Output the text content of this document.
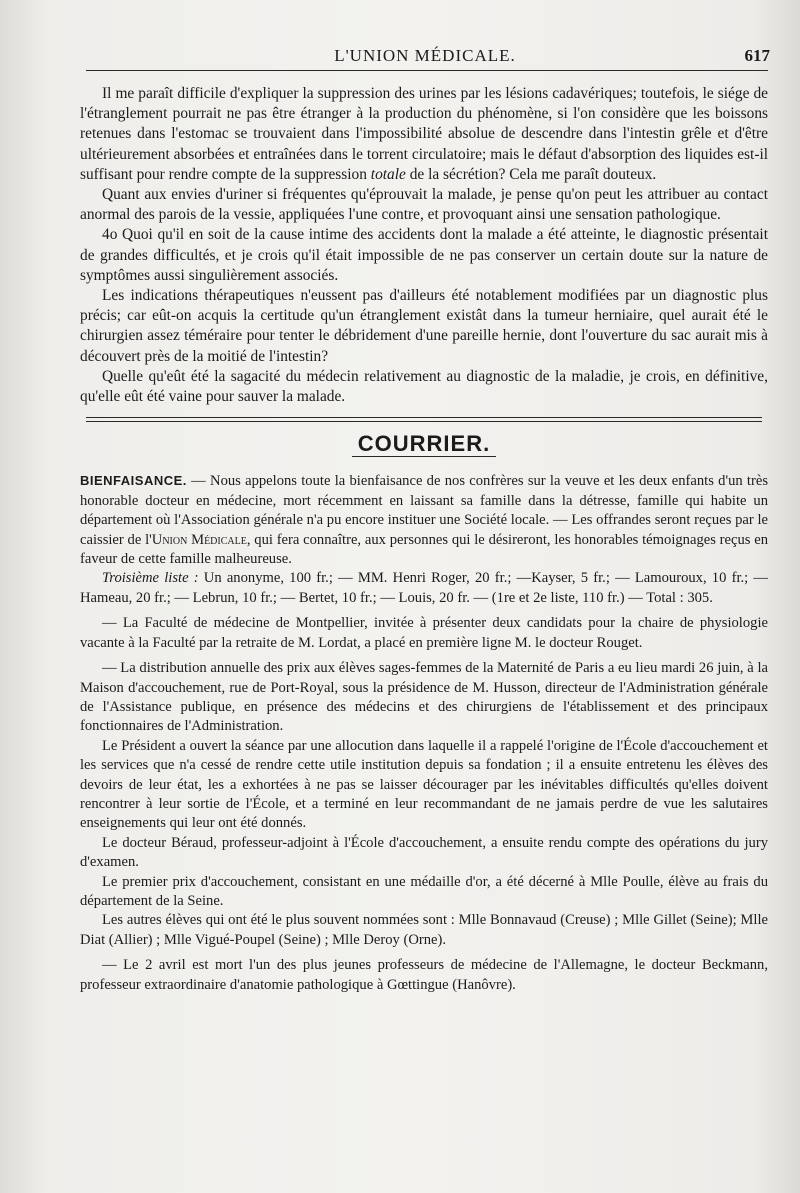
L'UNION MÉDICALE.	617

Il me paraît difficile d'expliquer la suppression des urines par les lésions cadavériques; toutefois, le siége de l'étranglement pourrait ne pas être étranger à la production du phénomène, si l'on considère que les boissons retenues dans l'estomac se trouvaient dans l'impossibilité absolue de descendre dans l'intestin grêle et d'être ultérieurement absorbées et entraînées dans le torrent circulatoire; mais le défaut d'absorption des liquides est-il suffisant pour rendre compte de la suppression totale de la sécrétion? Cela me paraît douteux.

Quant aux envies d'uriner si fréquentes qu'éprouvait la malade, je pense qu'on peut les attribuer au contact anormal des parois de la vessie, appliquées l'une contre, et provoquant ainsi une sensation pathologique.

4o Quoi qu'il en soit de la cause intime des accidents dont la malade a été atteinte, le diagnostic présentait de grandes difficultés, et je crois qu'il était impossible de ne pas conserver un certain doute sur la nature de symptômes aussi singulièrement associés.

Les indications thérapeutiques n'eussent pas d'ailleurs été notablement modifiées par un diagnostic plus précis; car eût-on acquis la certitude qu'un étranglement existât dans la tumeur herniaire, quel aurait été le chirurgien assez téméraire pour tenter le débridement d'une pareille hernie, dont l'ouverture du sac aurait mis à découvert près de la moitié de l'intestin?

Quelle qu'eût été la sagacité du médecin relativement au diagnostic de la maladie, je crois, en définitive, qu'elle eût été vaine pour sauver la malade.

COURRIER.

BIENFAISANCE. — Nous appelons toute la bienfaisance de nos confrères sur la veuve et les deux enfants d'un très honorable docteur en médecine, mort récemment en laissant sa famille dans la détresse, famille qui habite un département où l'Association générale n'a pu encore instituer une Société locale. — Les offrandes seront reçues par le caissier de l'Union Médicale, qui fera connaître, aux personnes qui le désireront, les honorables témoignages reçus en faveur de cette famille malheureuse.

Troisième liste : Un anonyme, 100 fr.; — MM. Henri Roger, 20 fr.; —Kayser, 5 fr.; — Lamouroux, 10 fr.; — Hameau, 20 fr.; — Lebrun, 10 fr.; — Bertet, 10 fr.; — Louis, 20 fr. — (1re et 2e liste, 110 fr.) — Total : 305.

— La Faculté de médecine de Montpellier, invitée à présenter deux candidats pour la chaire de physiologie vacante à la Faculté par la retraite de M. Lordat, a placé en première ligne M. le docteur Rouget.

— La distribution annuelle des prix aux élèves sages-femmes de la Maternité de Paris a eu lieu mardi 26 juin, à la Maison d'accouchement, rue de Port-Royal, sous la présidence de M. Husson, directeur de l'Administration générale de l'Assistance publique, en présence des médecins et des chirurgiens de l'établissement et des principaux fonctionnaires de l'Administration.

Le Président a ouvert la séance par une allocution dans laquelle il a rappelé l'origine de l'École d'accouchement et les services que n'a cessé de rendre cette utile institution depuis sa fondation ; il a ensuite entretenu les élèves des devoirs de leur état, les a exhortées à ne pas se laisser décourager par les inévitables difficultés qu'elles doivent rencontrer à leur sortie de l'École, et a terminé en leur recommandant de ne jamais perdre de vue les salutaires enseignements qui leur ont été donnés.

Le docteur Béraud, professeur-adjoint à l'École d'accouchement, a ensuite rendu compte des opérations du jury d'examen.

Le premier prix d'accouchement, consistant en une médaille d'or, a été décerné à Mlle Poulle, élève au frais du département de la Seine.

Les autres élèves qui ont été le plus souvent nommées sont : Mlle Bonnavaud (Creuse) ; Mlle Gillet (Seine); Mlle Diat (Allier) ; Mlle Vigué-Poupel (Seine) ; Mlle Deroy (Orne).

— Le 2 avril est mort l'un des plus jeunes professeurs de médecine de l'Allemagne, le docteur Beckmann, professeur extraordinaire d'anatomie pathologique à Gœttingue (Hanôvre).
